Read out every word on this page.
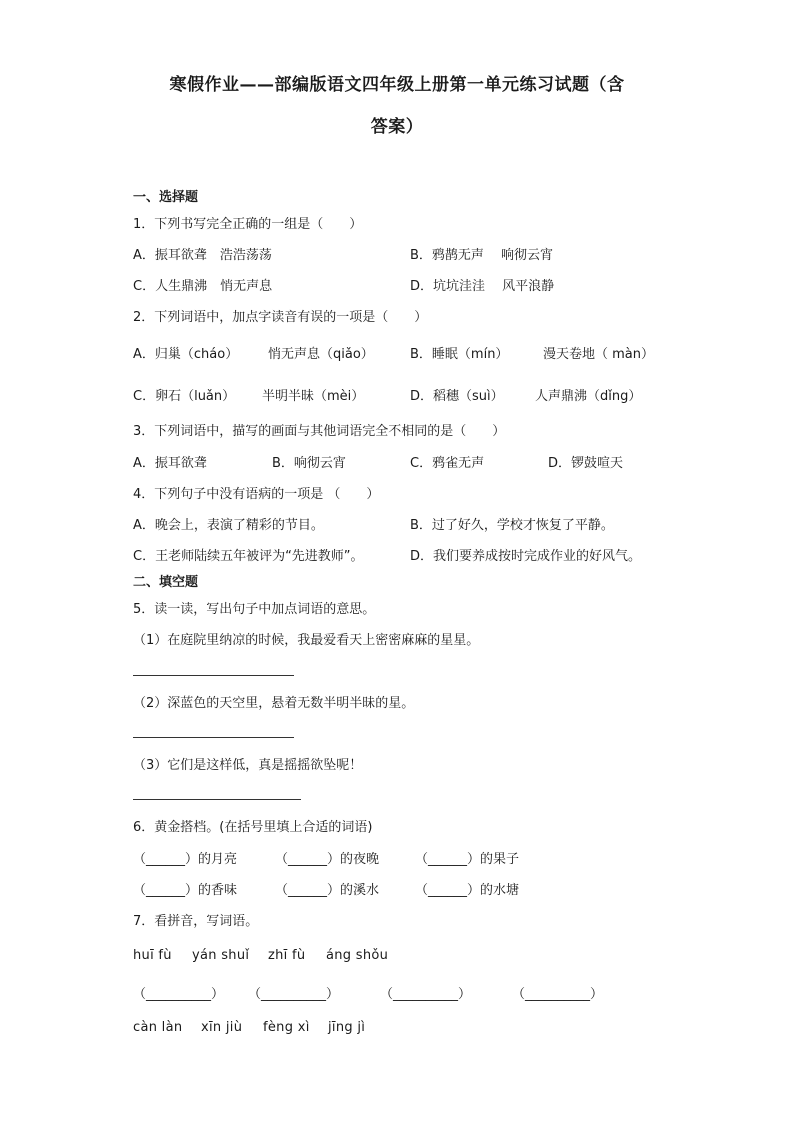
寒假作业——部编版语文四年级上册第一单元练习试题（含
答案）
一、选择题
1．下列书写完全正确的一组是（　　）
A．振耳欲聋　浩浩荡荡	B．鸦鹊无声　 响彻云宵
C．人生鼎沸　悄无声息	D．坑坑洼洼　 风平浪静
2．下列词语中，加点字读音有误的一项是（　　）
A．归巢（cháo） 悄无声息（qiǎo）	B．睡眠（mín）	漫天卷地（ màn）
C．卵石（luǎn） 半明半昧（mèi）	D．稻穗（suì） 人声鼎沸（dǐng）
3．下列词语中，描写的画面与其他词语完全不相同的是（　　）
A．振耳欲聋	B．响彻云宵	C．鸦雀无声	D．锣鼓喧天
4．下列句子中没有语病的一项是 （　　）
A．晚会上，表演了精彩的节目。	B．过了好久，学校才恢复了平静。
C．王老师陆续五年被评为“先进教师”。	D．我们要养成按时完成作业的好风气。
二、填空题
5．读一读，写出句子中加点词语的意思。
（1）在庭院里纳凉的时候，我最爱看天上密密麻麻的星星。
（2）深蓝色的天空里，悬着无数半明半昧的星。
（3）它们是这样低，真是摇摇欲坠呢！
6．黄金搭档。(在括号里填上合适的词语)
（______）的月亮	（______）的夜晚	（______）的果子
（______）的香味	（______）的溪水	（______）的水塘
7．看拼音，写词语。
huī fù yán shuǐ zhī fù áng shǒu
（__________） （__________）	（__________）	（__________）
càn làn xīn jiù fèng xì jīng jì
